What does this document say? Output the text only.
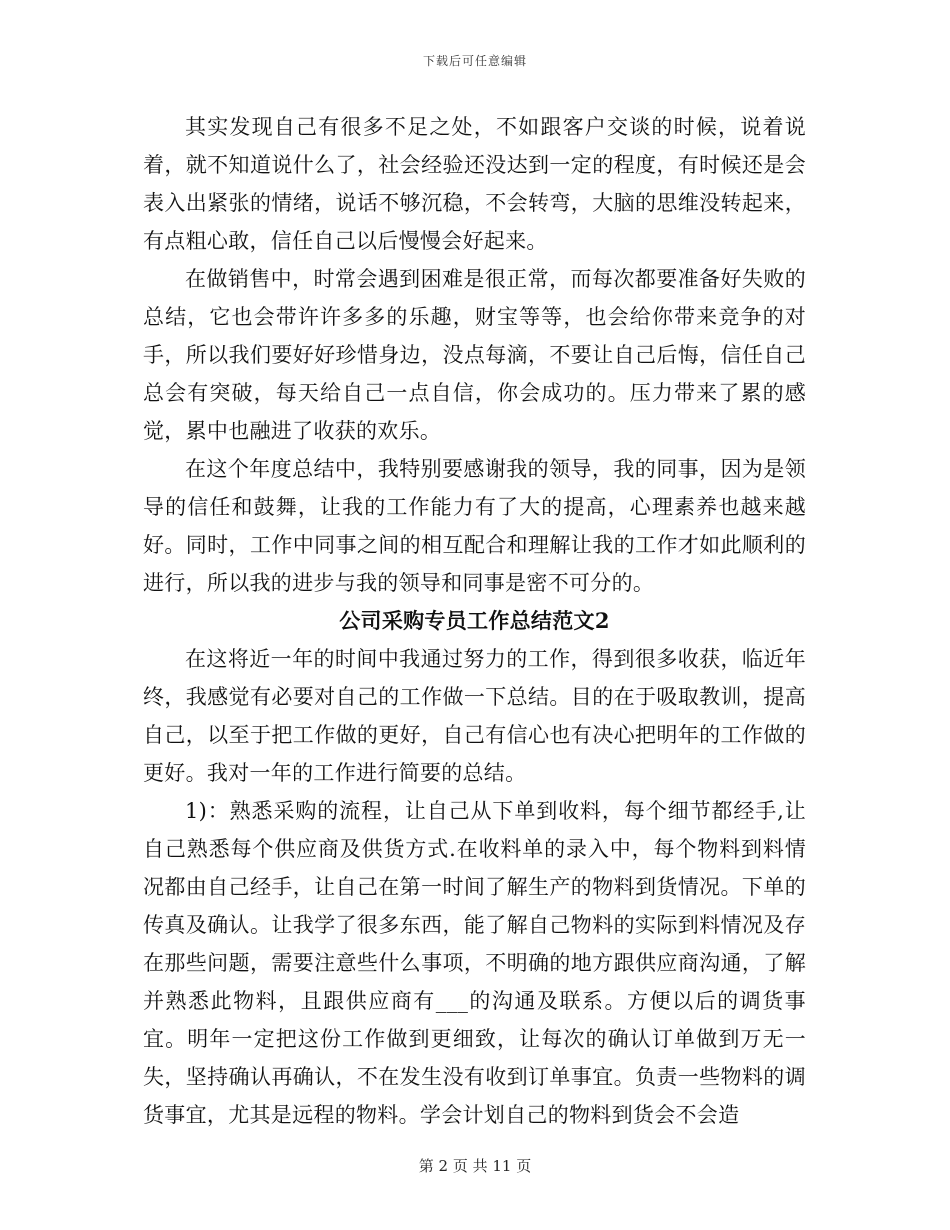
下载后可任意编辑

其实发现自己有很多不足之处，不如跟客户交谈的时候，说着说着，就不知道说什么了，社会经验还没达到一定的程度，有时候还是会表入出紧张的情绪，说话不够沉稳，不会转弯，大脑的思维没转起来，有点粗心敢，信任自己以后慢慢会好起来。

在做销售中，时常会遇到困难是很正常，而每次都要准备好失败的总结，它也会带许许多多的乐趣，财宝等等，也会给你带来竞争的对手，所以我们要好好珍惜身边，没点每滴，不要让自己后悔，信任自己总会有突破，每天给自己一点自信，你会成功的。压力带来了累的感觉，累中也融进了收获的欢乐。

在这个年度总结中，我特别要感谢我的领导，我的同事，因为是领导的信任和鼓舞，让我的工作能力有了大的提高，心理素养也越来越好。同时，工作中同事之间的相互配合和理解让我的工作才如此顺利的进行，所以我的进步与我的领导和同事是密不可分的。

公司采购专员工作总结范文2

在这将近一年的时间中我通过努力的工作，得到很多收获，临近年终，我感觉有必要对自己的工作做一下总结。目的在于吸取教训，提高自己，以至于把工作做的更好，自己有信心也有决心把明年的工作做的更好。我对一年的工作进行简要的总结。

1)：熟悉采购的流程，让自己从下单到收料，每个细节都经手,让自己熟悉每个供应商及供货方式.在收料单的录入中，每个物料到料情况都由自己经手，让自己在第一时间了解生产的物料到货情况。下单的传真及确认。让我学了很多东西，能了解自己物料的实际到料情况及存在那些问题，需要注意些什么事项，不明确的地方跟供应商沟通，了解并熟悉此物料，且跟供应商有___的沟通及联系。方便以后的调货事宜。明年一定把这份工作做到更细致，让每次的确认订单做到万无一失，坚持确认再确认，不在发生没有收到订单事宜。负责一些物料的调货事宜，尤其是远程的物料。学会计划自己的物料到货会不会造

第 2 页 共 11 页
